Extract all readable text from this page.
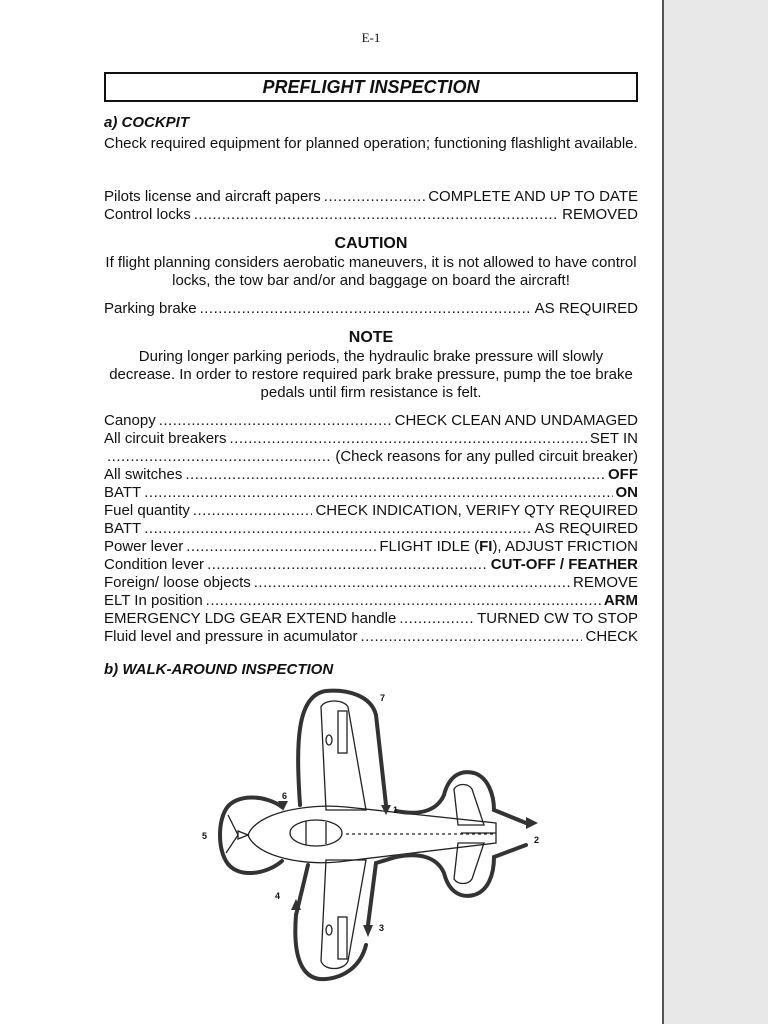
E-1
PREFLIGHT INSPECTION
a) COCKPIT
Check required equipment for planned operation; functioning flashlight available.
Pilots license and aircraft papers .....	COMPLETE AND UP TO DATE
Control locks .....	REMOVED
CAUTION
If flight planning considers aerobatic maneuvers, it is not allowed to have control locks, the tow bar and/or and baggage on board the aircraft!
Parking brake .....	AS REQUIRED
NOTE
During longer parking periods, the hydraulic brake pressure will slowly decrease. In order to restore required park brake pressure, pump the toe brake pedals until firm resistance is felt.
Canopy .....	CHECK CLEAN AND UNDAMAGED
All circuit breakers .....	SET IN
.....
(Check reasons for any pulled circuit breaker)
All switches .....	OFF
BATT .....	ON
Fuel quantity .....	CHECK INDICATION, VERIFY QTY REQUIRED
BATT .....	AS REQUIRED
Power lever .....	FLIGHT IDLE (FI), ADJUST FRICTION
Condition lever .....	CUT-OFF / FEATHER
Foreign/ loose objects .....	REMOVE
ELT In position .....	ARM
EMERGENCY LDG GEAR EXTEND handle .....	TURNED CW TO STOP
Fluid level and pressure in acumulator .....	CHECK
b) WALK-AROUND INSPECTION
1
2
3
4
5
6
7
